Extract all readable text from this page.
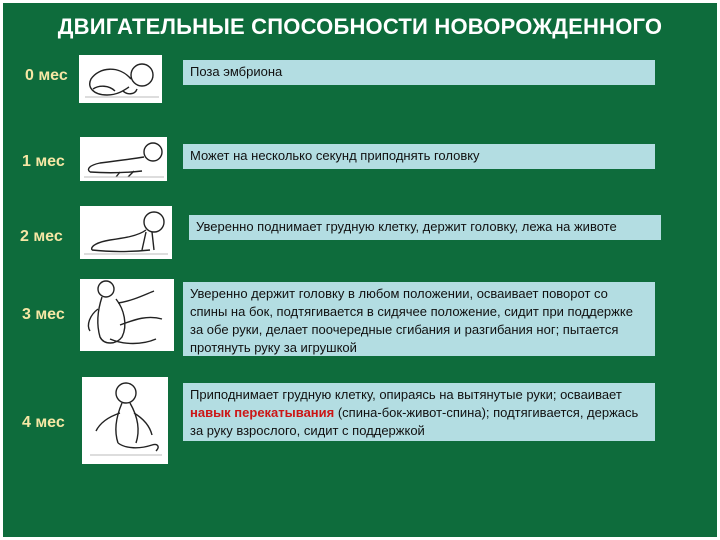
ДВИГАТЕЛЬНЫЕ СПОСОБНОСТИ НОВОРОЖДЕННОГО
0 мес	Поза эмбриона
1 мес	Может на несколько секунд приподнять головку
2 мес
Уверенно поднимает грудную клетку, держит головку, лежа на животе
3 мес
Уверенно держит головку в любом положении, осваивает поворот со спины на бок, подтягивается в сидячее положение, сидит при поддержке за обе руки, делает поочередные сгибания и разгибания ног; пытается протянуть руку за игрушкой
4 мес
Приподнимает грудную клетку, опираясь на вытянутые руки; осваивает навык перекатывания (спина-бок-живот-спина); подтягивается, держась за руку взрослого, сидит с поддержкой
